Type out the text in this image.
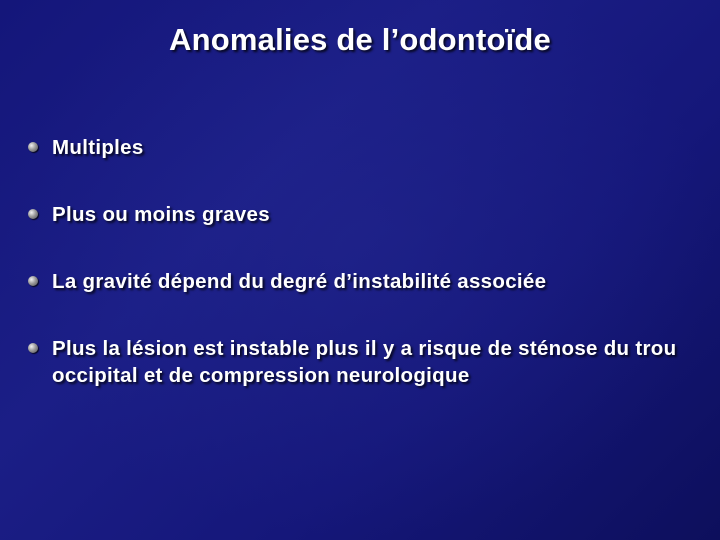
Anomalies de l’odontoïde
Multiples
Plus ou moins graves
La gravité dépend du degré d’instabilité associée
Plus la lésion est instable plus il y a risque de sténose du trou occipital et de compression neurologique
